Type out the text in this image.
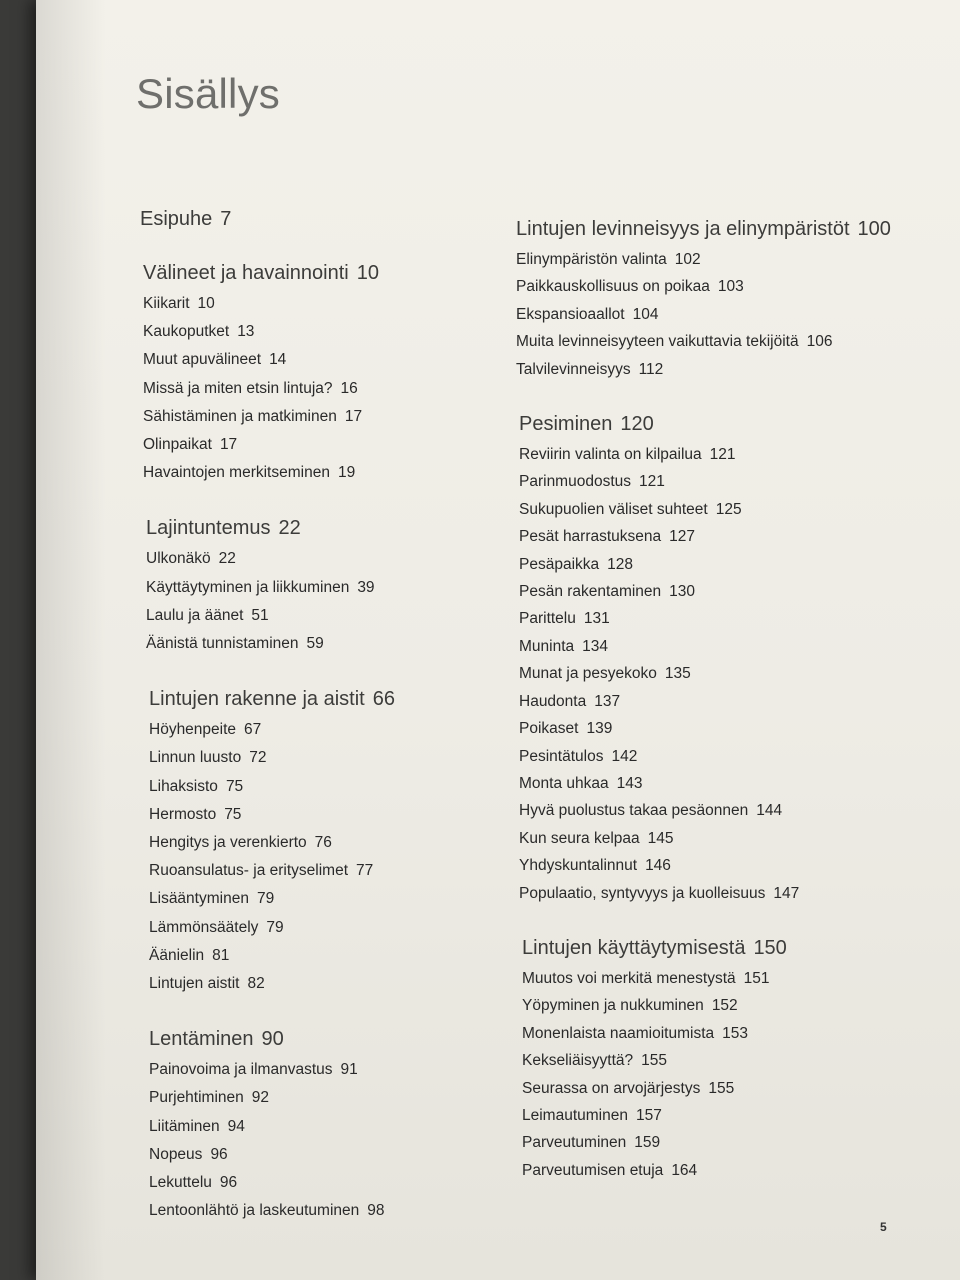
Sisällys
Esipuhe 7
Välineet ja havainnointi 10
Kiikarit 10
Kaukoputket 13
Muut apuvälineet 14
Missä ja miten etsin lintuja? 16
Sähistäminen ja matkiminen 17
Olinpaikat 17
Havaintojen merkitseminen 19
Lajintuntemus 22
Ulkonäkö 22
Käyttäytyminen ja liikkuminen 39
Laulu ja äänet 51
Äänistä tunnistaminen 59
Lintujen rakenne ja aistit 66
Höyhenpeite 67
Linnun luusto 72
Lihaksisto 75
Hermosto 75
Hengitys ja verenkierto 76
Ruoansulatus- ja erityselimet 77
Lisääntyminen 79
Lämmönsäätely 79
Äänielin 81
Lintujen aistit 82
Lentäminen 90
Painovoima ja ilmanvastus 91
Purjehtiminen 92
Liitäminen 94
Nopeus 96
Lekuttelu 96
Lentoonlähtö ja laskeutuminen 98
Lintujen levinneisyys ja elinympäristöt 100
Elinympäristön valinta 102
Paikkauskollisuus on poikaa 103
Ekspansioaallot 104
Muita levinneisyyteen vaikuttavia tekijöitä 106
Talvilevinneisyys 112
Pesiminen 120
Reviirin valinta on kilpailua 121
Parinmuodostus 121
Sukupuolien väliset suhteet 125
Pesät harrastuksena 127
Pesäpaikka 128
Pesän rakentaminen 130
Parittelu 131
Muninta 134
Munat ja pesyekoko 135
Haudonta 137
Poikaset 139
Pesintätulos 142
Monta uhkaa 143
Hyvä puolustus takaa pesäonnen 144
Kun seura kelpaa 145
Yhdyskuntalinnut 146
Populaatio, syntyvyys ja kuolleisuus 147
Lintujen käyttäytymisestä 150
Muutos voi merkitä menestystä 151
Yöpyminen ja nukkuminen 152
Monenlaista naamioitumista 153
Kekseliäisyyttä? 155
Seurassa on arvojärjestys 155
Leimautuminen 157
Parveutuminen 159
Parveutumisen etuja 164
5
